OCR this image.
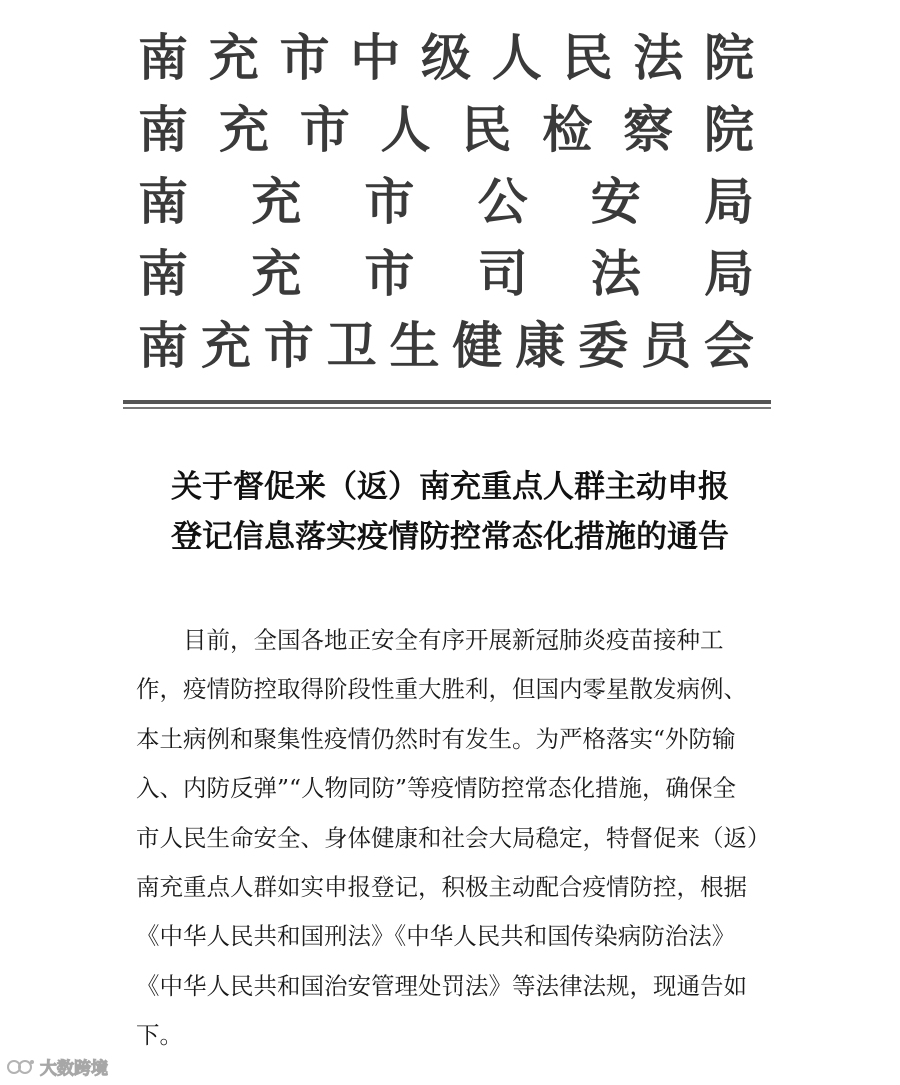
南 充 市 中 级 人 民 法 院
南 充 市 人 民 检 察 院
南 充 市 公 安 局
南 充 市 司 法 局
南 充 市 卫 生 健 康 委 员 会
关于督促来（返）南充重点人群主动申报
登记信息落实疫情防控常态化措施的通告
　　目前，全国各地正安全有序开展新冠肺炎疫苗接种工
作，疫情防控取得阶段性重大胜利，但国内零星散发病例、
本土病例和聚集性疫情仍然时有发生。为严格落实“外防输
入、内防反弹”“人物同防”等疫情防控常态化措施，确保全
市人民生命安全、身体健康和社会大局稳定，特督促来（返）
南充重点人群如实申报登记，积极主动配合疫情防控，根据
《中华人民共和国刑法》《中华人民共和国传染病防治法》
《中华人民共和国治安管理处罚法》等法律法规，现通告如
下。
大数跨境
